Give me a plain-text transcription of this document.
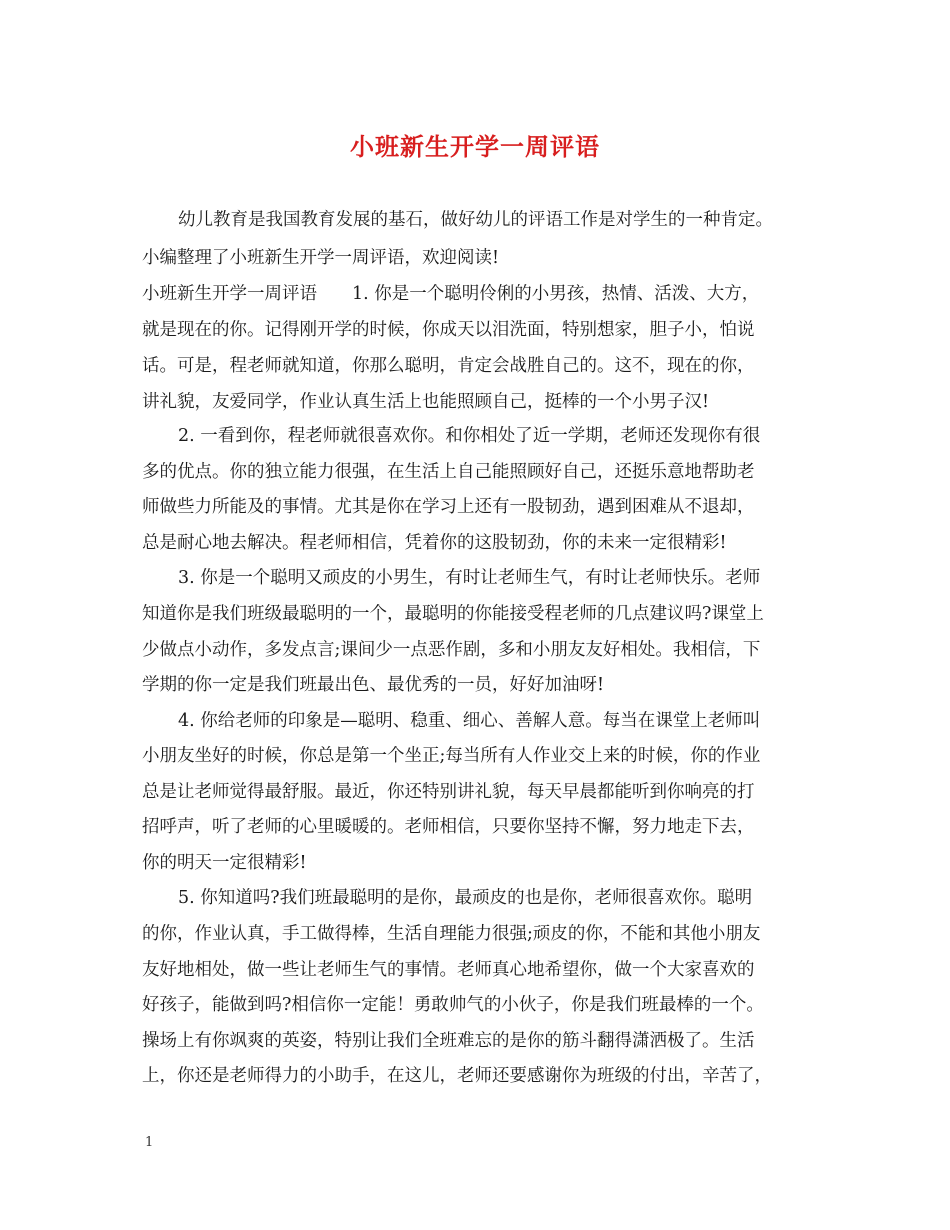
小班新生开学一周评语
幼儿教育是我国教育发展的基石，做好幼儿的评语工作是对学生的一种肯定。
小编整理了小班新生开学一周评语，欢迎阅读!
小班新生开学一周评语　　1. 你是一个聪明伶俐的小男孩，热情、活泼、大方，
就是现在的你。记得刚开学的时候，你成天以泪洗面，特别想家，胆子小，怕说
话。可是，程老师就知道，你那么聪明，肯定会战胜自己的。这不，现在的你，
讲礼貌，友爱同学，作业认真生活上也能照顾自己，挺棒的一个小男子汉!
2. 一看到你，程老师就很喜欢你。和你相处了近一学期，老师还发现你有很
多的优点。你的独立能力很强，在生活上自己能照顾好自己，还挺乐意地帮助老
师做些力所能及的事情。尤其是你在学习上还有一股韧劲，遇到困难从不退却，
总是耐心地去解决。程老师相信，凭着你的这股韧劲，你的未来一定很精彩!
3. 你是一个聪明又顽皮的小男生，有时让老师生气，有时让老师快乐。老师
知道你是我们班级最聪明的一个，最聪明的你能接受程老师的几点建议吗?课堂上
少做点小动作，多发点言;课间少一点恶作剧，多和小朋友友好相处。我相信，下
学期的你一定是我们班最出色、最优秀的一员，好好加油呀!
4. 你给老师的印象是—聪明、稳重、细心、善解人意。每当在课堂上老师叫
小朋友坐好的时候，你总是第一个坐正;每当所有人作业交上来的时候，你的作业
总是让老师觉得最舒服。最近，你还特别讲礼貌，每天早晨都能听到你响亮的打
招呼声，听了老师的心里暖暖的。老师相信，只要你坚持不懈，努力地走下去，
你的明天一定很精彩!
5. 你知道吗?我们班最聪明的是你，最顽皮的也是你，老师很喜欢你。聪明
的你，作业认真，手工做得棒，生活自理能力很强;顽皮的你，不能和其他小朋友
友好地相处，做一些让老师生气的事情。老师真心地希望你，做一个大家喜欢的
好孩子，能做到吗?相信你一定能！勇敢帅气的小伙子，你是我们班最棒的一个。
操场上有你飒爽的英姿，特别让我们全班难忘的是你的筋斗翻得潇洒极了。生活
上，你还是老师得力的小助手，在这儿，老师还要感谢你为班级的付出，辛苦了，
1
